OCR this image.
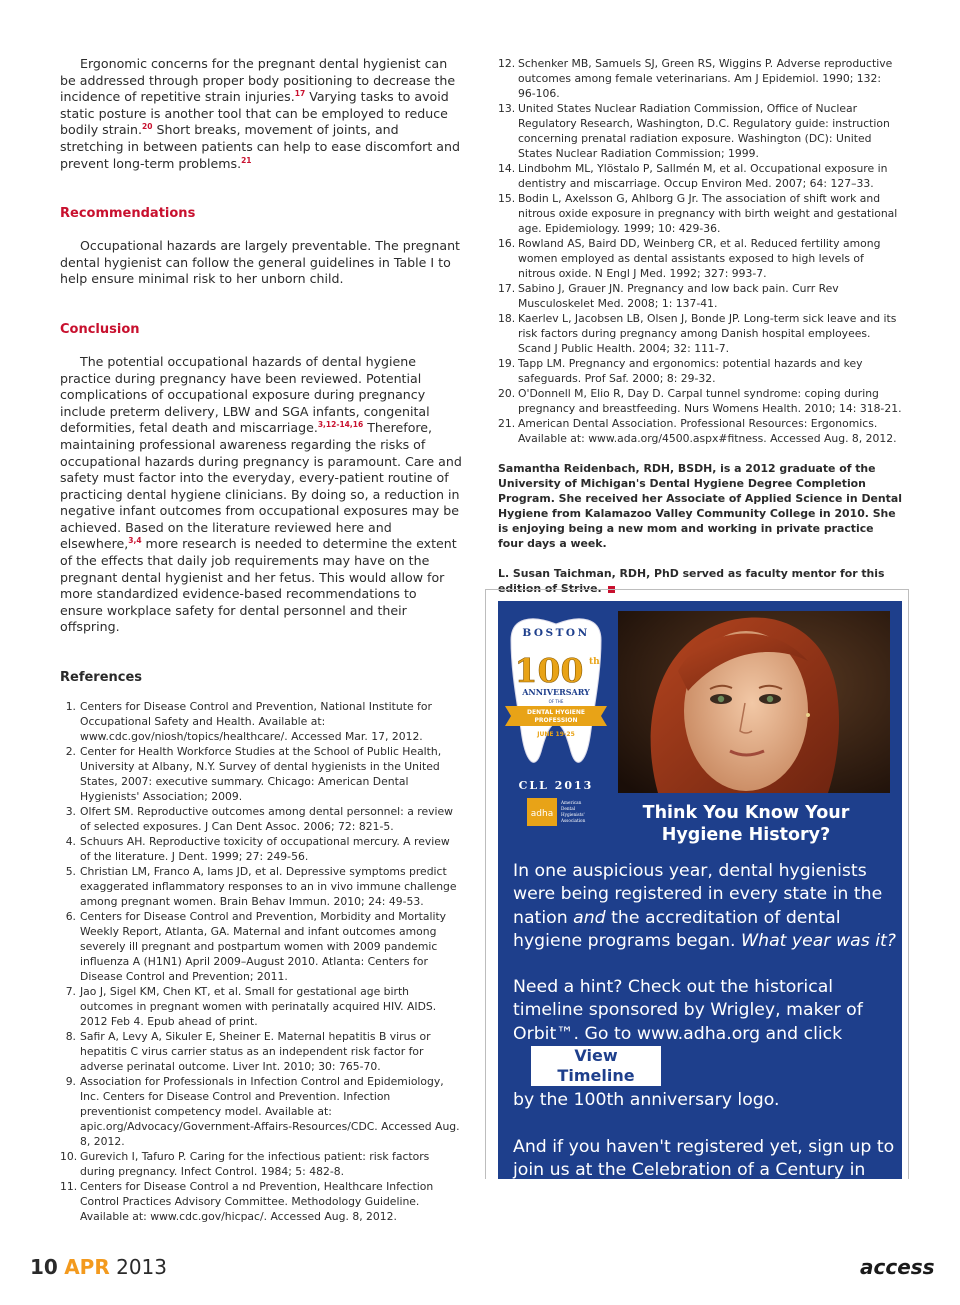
Ergonomic concerns for the pregnant dental hygienist can be addressed through proper body positioning to decrease the incidence of repetitive strain injuries.$^{17}$ Varying tasks to avoid static posture is another tool that can be employed to reduce bodily strain.$^{20}$ Short breaks, movement of joints, and stretching in between patients can help to ease discomfort and prevent long-term problems.$^{21}$

Recommendations

Occupational hazards are largely preventable. The pregnant dental hygienist can follow the general guidelines in Table I to help ensure minimal risk to her unborn child.

Conclusion

The potential occupational hazards of dental hygiene practice during pregnancy have been reviewed. Potential complications of occupational exposure during pregnancy include preterm delivery, LBW and SGA infants, congenital deformities, fetal death and miscarriage.$^{3,12-14,16}$ Therefore, maintaining professional awareness regarding the risks of occupational hazards during pregnancy is paramount. Care and safety must factor into the everyday, every-patient routine of practicing dental hygiene clinicians. By doing so, a reduction in negative infant outcomes from occupational exposures may be achieved. Based on the literature reviewed here and elsewhere,$^{3,4}$ more research is needed to determine the extent of the effects that daily job requirements may have on the pregnant dental hygienist and her fetus. This would allow for more standardized evidence-based recommendations to ensure workplace safety for dental personnel and their offspring.

References
1. Centers for Disease Control and Prevention, National Institute for Occupational Safety and Health. Available at: www.cdc.gov/niosh/topics/healthcare/. Accessed Mar. 17, 2012.
2. Center for Health Workforce Studies at the School of Public Health, University at Albany, N.Y. Survey of dental hygienists in the United States, 2007: executive summary. Chicago: American Dental Hygienists' Association; 2009.
3. Olfert SM. Reproductive outcomes among dental personnel: a review of selected exposures. J Can Dent Assoc. 2006; 72: 821-5.
4. Schuurs AH. Reproductive toxicity of occupational mercury. A review of the literature. J Dent. 1999; 27: 249-56.
5. Christian LM, Franco A, Iams JD, et al. Depressive symptoms predict exaggerated inflammatory responses to an in vivo immune challenge among pregnant women. Brain Behav Immun. 2010; 24: 49-53.
6. Centers for Disease Control and Prevention, Morbidity and Mortality Weekly Report, Atlanta, GA. Maternal and infant outcomes among severely ill pregnant and postpartum women with 2009 pandemic influenza A (H1N1) April 2009–August 2010. Atlanta: Centers for Disease Control and Prevention; 2011.
7. Jao J, Sigel KM, Chen KT, et al. Small for gestational age birth outcomes in pregnant women with perinatally acquired HIV. AIDS. 2012 Feb 4. Epub ahead of print.
8. Safir A, Levy A, Sikuler E, Sheiner E. Maternal hepatitis B virus or hepatitis C virus carrier status as an independent risk factor for adverse perinatal outcome. Liver Int. 2010; 30: 765-70.
9. Association for Professionals in Infection Control and Epidemiology, Inc. Centers for Disease Control and Prevention. Infection preventionist competency model. Available at: apic.org/Advocacy/Government-Affairs-Resources/CDC. Accessed Aug. 8, 2012.
10. Gurevich I, Tafuro P. Caring for the infectious patient: risk factors during pregnancy. Infect Control. 1984; 5: 482-8.
11. Centers for Disease Control a nd Prevention, Healthcare Infection Control Practices Advisory Committee. Methodology Guideline. Available at: www.cdc.gov/hicpac/. Accessed Aug. 8, 2012.
12. Schenker MB, Samuels SJ, Green RS, Wiggins P. Adverse reproductive outcomes among female veterinarians. Am J Epidemiol. 1990; 132: 96-106.
13. United States Nuclear Radiation Commission, Office of Nuclear Regulatory Research, Washington, D.C. Regulatory guide: instruction concerning prenatal radiation exposure. Washington (DC): United States Nuclear Radiation Commission; 1999.
14. Lindbohm ML, Ylöstalo P, Sallmén M, et al. Occupational exposure in dentistry and miscarriage. Occup Environ Med. 2007; 64: 127–33.
15. Bodin L, Axelsson G, Ahlborg G Jr. The association of shift work and nitrous oxide exposure in pregnancy with birth weight and gestational age. Epidemiology. 1999; 10: 429-36.
16. Rowland AS, Baird DD, Weinberg CR, et al. Reduced fertility among women employed as dental assistants exposed to high levels of nitrous oxide. N Engl J Med. 1992; 327: 993-7.
17. Sabino J, Grauer JN. Pregnancy and low back pain. Curr Rev Musculoskelet Med. 2008; 1: 137-41.
18. Kaerlev L, Jacobsen LB, Olsen J, Bonde JP. Long-term sick leave and its risk factors during pregnancy among Danish hospital employees. Scand J Public Health. 2004; 32: 111-7.
19. Tapp LM. Pregnancy and ergonomics: potential hazards and key safeguards. Prof Saf. 2000; 8: 29-32.
20. O'Donnell M, Elio R, Day D. Carpal tunnel syndrome: coping during pregnancy and breastfeeding. Nurs Womens Health. 2010; 14: 318-21.
21. American Dental Association. Professional Resources: Ergonomics. Available at: www.ada.org/4500.aspx#fitness. Accessed Aug. 8, 2012.

Samantha Reidenbach, RDH, BSDH, is a 2012 graduate of the University of Michigan's Dental Hygiene Degree Completion Program. She received her Associate of Applied Science in Dental Hygiene from Kalamazoo Valley Community College in 2010. She is enjoying being a new mom and working in private practice four days a week.

L. Susan Taichman, RDH, PhD served as faculty mentor for this edition of Strive.

BOSTON
100 th
ANNIVERSARY
OF THE
DENTAL HYGIENE
PROFESSION
JUNE 19-25
CLL 2013
adha
American
Dental
Hygienists'
Association	Think You Know Your
Hygiene History?

In one auspicious year, dental hygienists were being registered in every state in the nation and the accreditation of dental hygiene programs began. What year was it?

Need a hint? Check out the historical timeline sponsored by Wrigley, maker of Orbit™. Go to www.adha.org and clickView Timeline
by the 100th anniversary logo.

And if you haven't registered yet, sign up to join us at the Celebration of a Century in Boston, June 19-25!

10 APR 2013	access
